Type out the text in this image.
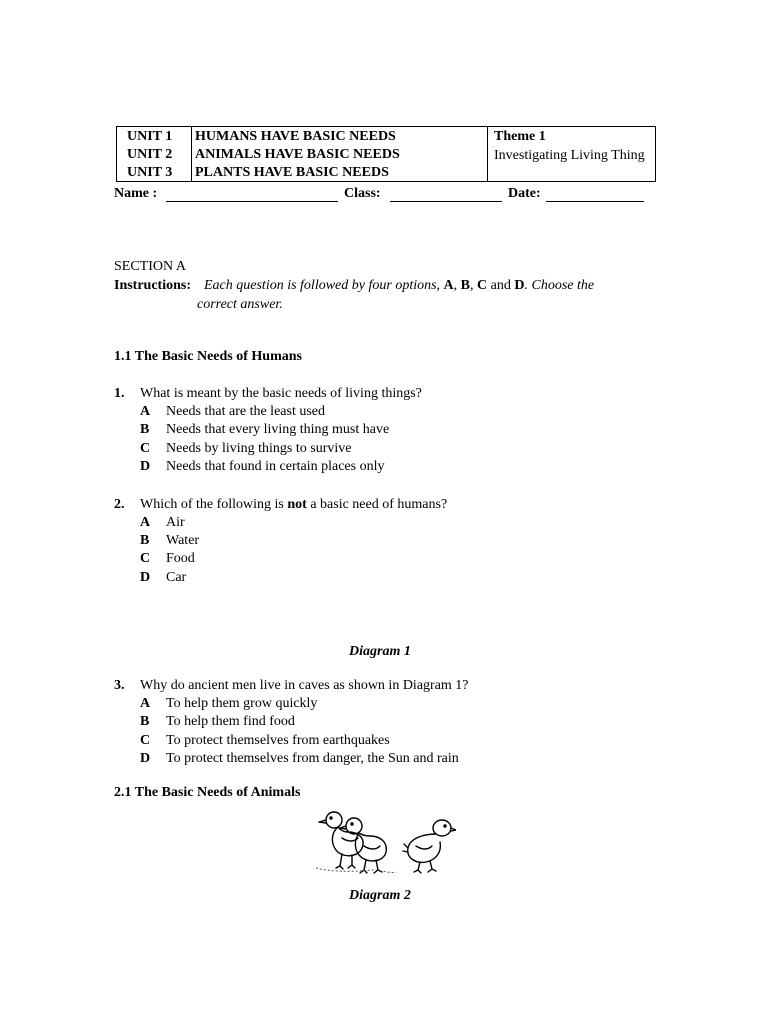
UNIT 1
UNIT 2
UNIT 3
HUMANS HAVE BASIC NEEDS
ANIMALS HAVE BASIC NEEDS
PLANTS HAVE BASIC NEEDS
Theme 1
Investigating Living Thing
Name :	Class:	Date:
SECTION A
Instructions: Each question is followed by four options, A, B, C and D. Choose the
correct answer.
1.1 The Basic Needs of Humans
1. What is meant by the basic needs of living things?
A Needs that are the least used
B Needs that every living thing must have
C Needs by living things to survive
D Needs that found in certain places only
2. Which of the following is not a basic need of humans?
A Air
B Water
C Food
D Car
Diagram 1
3. Why do ancient men live in caves as shown in Diagram 1?
A To help them grow quickly
B To help them find food
C To protect themselves from earthquakes
D To protect themselves from danger, the Sun and rain
2.1 The Basic Needs of Animals
Diagram 2
